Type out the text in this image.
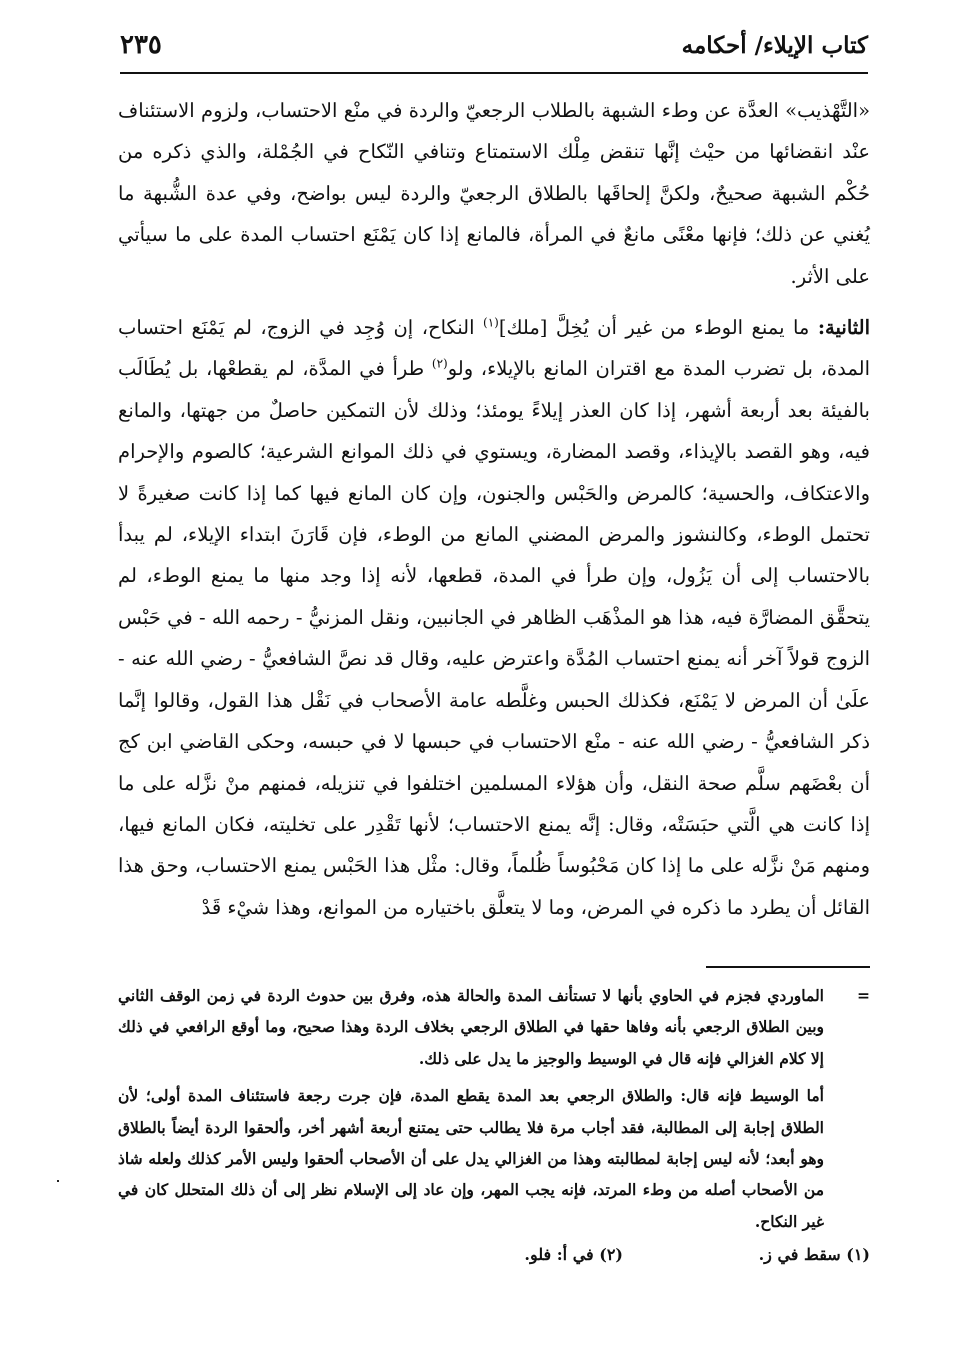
كتاب الإيلاء/ أحكامه
٢٣٥

«التَّهْذيب» العدَّة عن وطء الشبهة بالطلاب الرجعيّ والردة في منْع الاحتساب، ولزوم الاستئناف عنْد انقضائها من حيْث إنَّها تنقض مِلْك الاستمتاع وتنافي النّكاح في الجُمْلة، والذي ذكره من حُكْم الشبهة صحيحٌ، ولكنَّ إلحاقَها بالطلاق الرجعيّ والردة ليس بواضح، وفي عدة الشُّبهة ما يُغني عن ذلك؛ فإنها معْنًى مانعٌ في المرأة، فالمانع إذا كان يَمْنَع احتساب المدة على ما سيأتي على الأثر.

الثانية: ما يمنع الوطء من غير أن يُخِلَّ [ملك]$^{(١)}$ النكاح، إن وُجِد في الزوج، لم يَمْنَع احتساب المدة، بل تضرب المدة مع اقتران المانع بالإيلاء، ولو$^{(٢)}$ طرأ في المدَّة، لم يقطعْها، بل يُطَالَب بالفيئة بعد أربعة أشهر، إذا كان العذر إيلاءً يومئذ؛ وذلك لأن التمكين حاصلٌ من جهتها، والمانع فيه، وهو القصد بالإيذاء، وقصد المضارة، ويستوي في ذلك الموانع الشرعية؛ كالصوم والإحرام والاعتكاف، والحسية؛ كالمرض والحَبْس والجنون، وإن كان المانع فيها كما إذا كانت صغيرةً لا تحتمل الوطء، وكالنشوز والمرض المضني المانع من الوطء، فإن قَارَنَ ابتداء الإيلاء، لم يبدأ بالاحتساب إلى أن يَزُول، وإن طرأ في المدة، قطعها، لأنه إذا وجد منها ما يمنع الوطء، لم يتحقَّق المضارَّة فيه، هذا هو المذْهَب الظاهر في الجانبين، ونقل المزنيُّ - رحمه الله - في حَبْس الزوج قولاً آخر أنه يمنع احتساب المُدَّة واعترض عليه، وقال قد نصَّ الشافعيُّ - رضي الله عنه - علَىٰ أن المرض لا يَمْنَع، فكذلك الحبس وغلَّطه عامة الأصحاب في نَقْل هذا القول، وقالوا إنَّما ذكر الشافعيُّ - رضي الله عنه - منْع الاحتساب في حبسها لا في حبسه، وحكى القاضي ابن كج أن بعْضَهم سلَّم صحة النقل، وأن هؤلاء المسلمين اختلفوا في تنزيله، فمنهم منْ نزَّله على ما إذا كانت هي الَّتي حبَسَتْه، وقال: إنَّه يمنع الاحتساب؛ لأنها تَقْدِر على تخليته، فكان المانع فيها، ومنهم مَنْ نزَّله على ما إذا كان مَحْبُوساً ظُلماً، وقال: مثْل هذا الحَبْس يمنع الاحتساب، وحق هذا القائل أن يطرد ما ذكره في المرض، وما لا يتعلَّق باختياره من الموانع، وهذا شيْء قَدْ

=

الماوردي فجزم في الحاوي بأنها لا تستأنف المدة والحالة هذه، وفرق بين حدوث الردة في زمن الوقف الثاني وبين الطلاق الرجعي بأنه وفاها حقها في الطلاق الرجعي بخلاف الردة وهذا صحيح، وما أوقع الرافعي في ذلك إلا كلام الغزالي فإنه قال في الوسيط والوجيز ما يدل على ذلك.

أما الوسيط فإنه قال: والطلاق الرجعي بعد المدة يقطع المدة، فإن جرت رجعة فاستئناف المدة أولى؛ لأن الطلاق إجابة إلى المطالبة، فقد أجاب مرة فلا يطالب حتى يمتنع أربعة أشهر أخر، وألحقوا الردة أيضاً بالطلاق وهو أبعد؛ لأنه ليس إجابة لمطالبته وهذا من الغزالي يدل على أن الأصحاب ألحقوا وليس الأمر كذلك ولعله شاذ من الأصحاب أصله من وطء المرتد، فإنه يجب المهر، وإن عاد إلى الإسلام نظر إلى أن ذلك المتحلل كان في غير النكاح.

(١) سقط في ز. (٢) في أ: فلو.
